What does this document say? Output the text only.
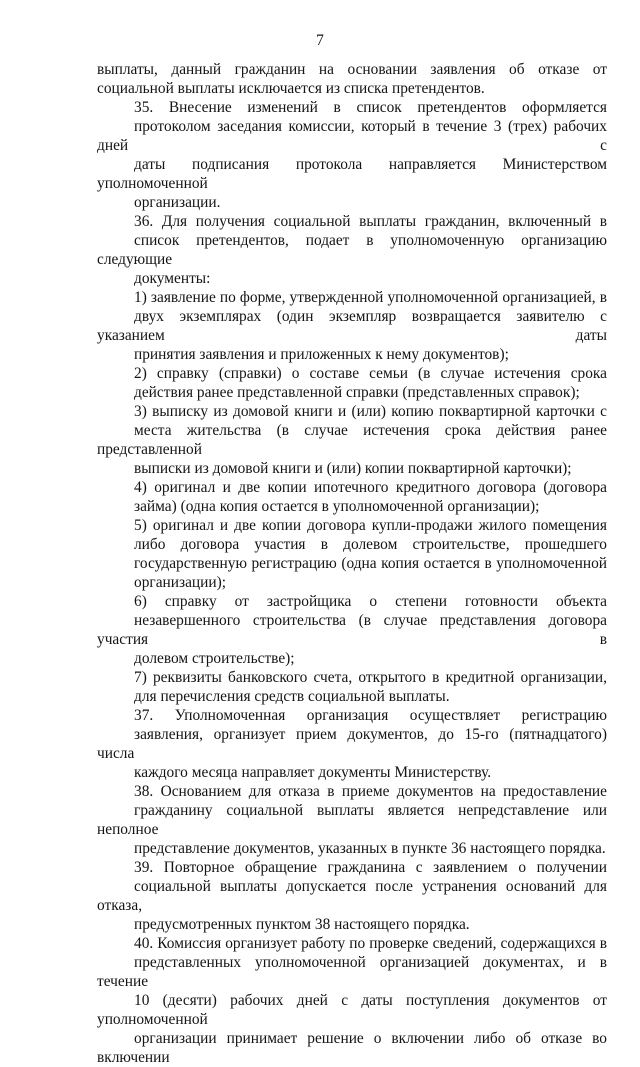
7
выплаты, данный гражданин на основании заявления об отказе от
социальной выплаты исключается из списка претендентов.
35. Внесение изменений в список претендентов оформляется
протоколом заседания комиссии, который в течение 3 (трех) рабочих дней с
даты подписания протокола направляется Министерством уполномоченной
организации.
36. Для получения социальной выплаты гражданин, включенный в
список претендентов, подает в уполномоченную организацию следующие
документы:
1) заявление по форме, утвержденной уполномоченной организацией, в
двух экземплярах (один экземпляр возвращается заявителю с указанием даты
принятия заявления и приложенных к нему документов);
2) справку (справки) о составе семьи (в случае истечения срока
действия ранее представленной справки (представленных справок);
3) выписку из домовой книги и (или) копию поквартирной карточки с
места жительства (в случае истечения срока действия ранее представленной
выписки из домовой книги и (или) копии поквартирной карточки);
4) оригинал и две копии ипотечного кредитного договора (договора
займа) (одна копия остается в уполномоченной организации);
5) оригинал и две копии договора купли-продажи жилого помещения
либо договора участия в долевом строительстве, прошедшего
государственную регистрацию (одна копия остается в уполномоченной
организации);
6) справку от застройщика о степени готовности объекта
незавершенного строительства (в случае представления договора участия в
долевом строительстве);
7) реквизиты банковского счета, открытого в кредитной организации,
для перечисления средств социальной выплаты.
37. Уполномоченная организация осуществляет регистрацию
заявления, организует прием документов, до 15-го (пятнадцатого) числа
каждого месяца направляет документы Министерству.
38. Основанием для отказа в приеме документов на предоставление
гражданину социальной выплаты является непредставление или неполное
представление документов, указанных в пункте 36 настоящего порядка.
39. Повторное обращение гражданина с заявлением о получении
социальной выплаты допускается после устранения оснований для отказа,
предусмотренных пунктом 38 настоящего порядка.
40. Комиссия организует работу по проверке сведений, содержащихся в
представленных уполномоченной организацией документах, и в течение
10 (десяти) рабочих дней с даты поступления документов от уполномоченной
организации принимает решение о включении либо об отказе во включении
